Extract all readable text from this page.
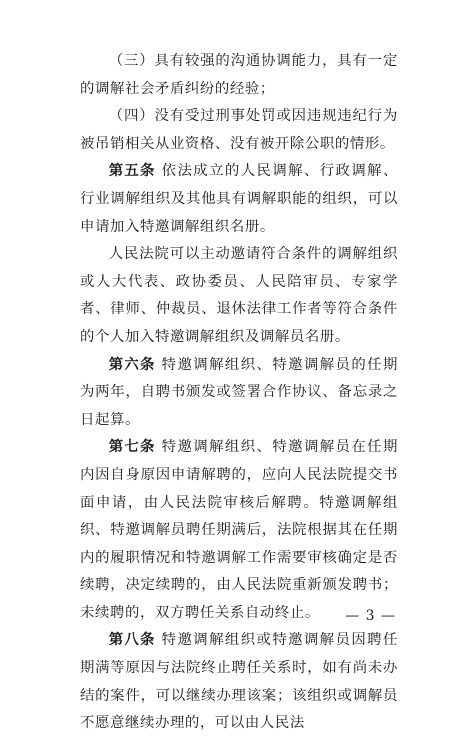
（三）具有较强的沟通协调能力，具有一定的调解社会矛盾纠纷的经验；

（四）没有受过刑事处罚或因违规违纪行为被吊销相关从业资格、没有被开除公职的情形。

第五条 依法成立的人民调解、行政调解、行业调解组织及其他具有调解职能的组织，可以申请加入特邀调解组织名册。

人民法院可以主动邀请符合条件的调解组织或人大代表、政协委员、人民陪审员、专家学者、律师、仲裁员、退休法律工作者等符合条件的个人加入特邀调解组织及调解员名册。

第六条 特邀调解组织、特邀调解员的任期为两年，自聘书颁发或签署合作协议、备忘录之日起算。

第七条 特邀调解组织、特邀调解员在任期内因自身原因申请解聘的，应向人民法院提交书面申请，由人民法院审核后解聘。特邀调解组织、特邀调解员聘任期满后，法院根据其在任期内的履职情况和特邀调解工作需要审核确定是否续聘，决定续聘的，由人民法院重新颁发聘书；未续聘的，双方聘任关系自动终止。

第八条 特邀调解组织或特邀调解员因聘任期满等原因与法院终止聘任关系时，如有尚未办结的案件，可以继续办理该案；该组织或调解员不愿意继续办理的，可以由人民法

— 3 —
